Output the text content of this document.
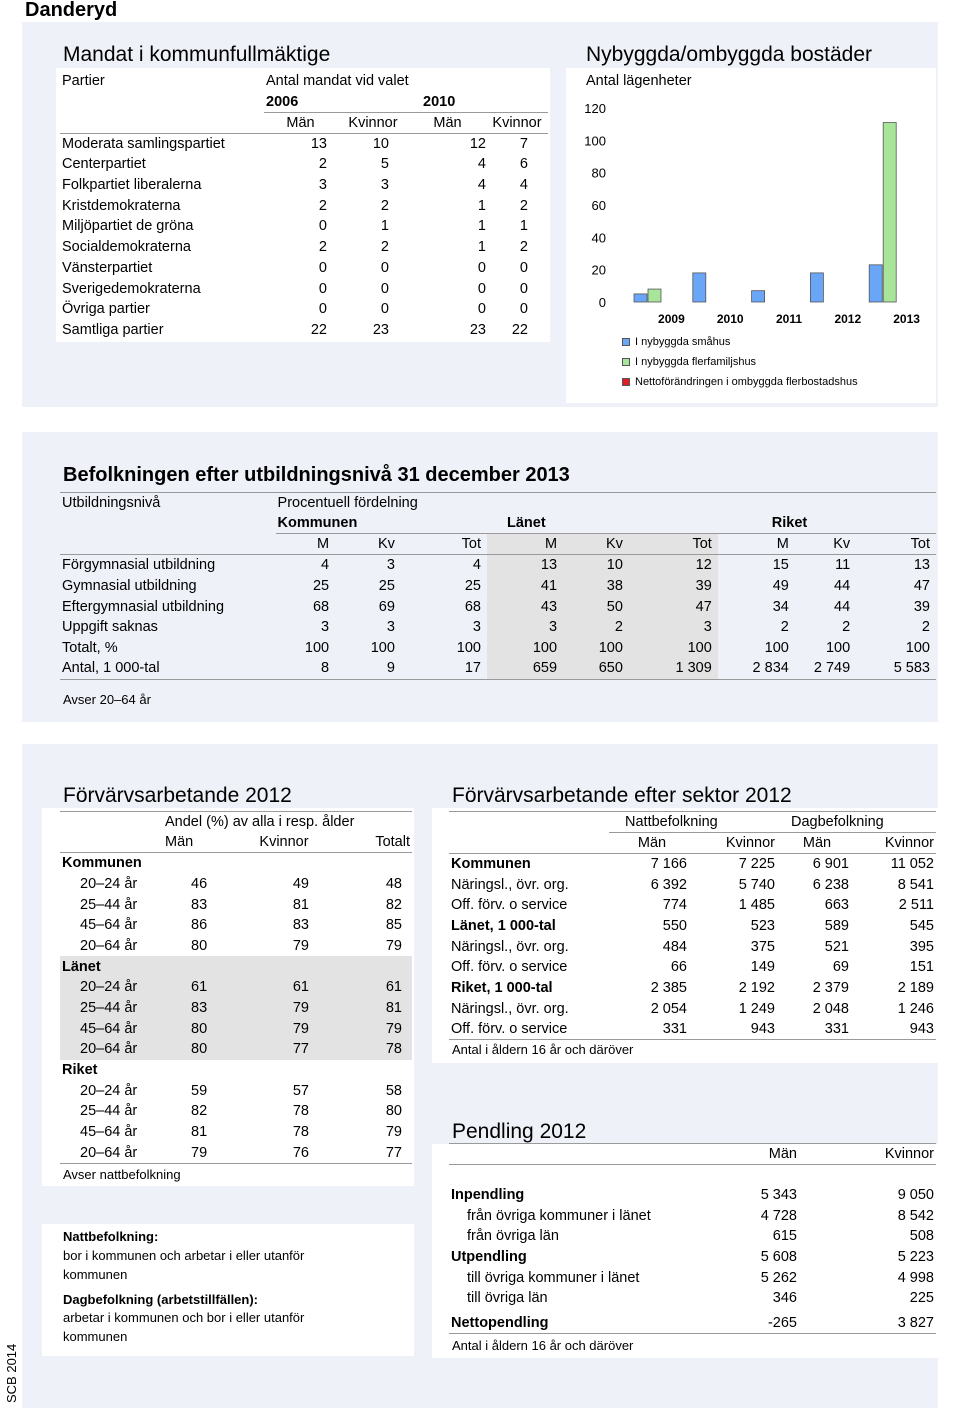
Danderyd
SCB 2014
Mandat i kommunfullmäktige
Partier	Antal mandat vid valet			
	2006		2010	
	Män	Kvinnor	Män	Kvinnor
Moderata samlingspartiet	13	10	12	7
Centerpartiet	2	5	4	6
Folkpartiet liberalerna	3	3	4	4
Kristdemokraterna	2	2	1	2
Miljöpartiet de gröna	0	1	1	1
Socialdemokraterna	2	2	1	2
Vänsterpartiet	0	0	0	0
Sverigedemokraterna	0	0	0	0
Övriga partier	0	0	0	0
Samtliga partier	22	23	23	22
Nybyggda/ombyggda bostäder
Antal lägenheter
0
20
40
60
80
100
120
2009	2010	2011	2012	2013
I nybyggda småhus
I nybyggda flerfamiljshus
Nettoförändringen i ombyggda flerbostadshus
Befolkningen efter utbildningsnivå 31 december 2013
Utbildningsnivå	Procentuell fördelning								
	Kommunen			Länet			Riket		
	M	Kv	Tot	M	Kv	Tot	M	Kv	Tot
Förgymnasial utbildning	4	3	4	13	10	12	15	11	13
Gymnasial utbildning	25	25	25	41	38	39	49	44	47
Eftergymnasial utbildning	68	69	68	43	50	47	34	44	39
Uppgift saknas	3	3	3	3	2	3	2	2	2
Totalt, %	100	100	100	100	100	100	100	100	100
Antal, 1 000-tal	8	9	17	659	650	1 309	2 834	2 749	5 583
Avser 20–64 år
Förvärvsarbetande 2012
	Andel (%) av alla i resp. ålder		
	Män	Kvinnor	Totalt
Kommunen			
20–24 år	46	49	48
25–44 år	83	81	82
45–64 år	86	83	85
20–64 år	80	79	79
Länet			
20–24 år	61	61	61
25–44 år	83	79	81
45–64 år	80	79	79
20–64 år	80	77	78
Riket			
20–24 år	59	57	58
25–44 år	82	78	80
45–64 år	81	78	79
20–64 år	79	76	77
Avser nattbefolkning
Nattbefolkning:
bor i kommunen och arbetar i eller utanför
kommunen
Dagbefolkning (arbetstillfällen):
arbetar i kommunen och bor i eller utanför
kommunen
Förvärvsarbetande efter sektor 2012
	Nattbefolkning		Dagbefolkning	
	Män	Kvinnor	Män	Kvinnor
Kommunen	7 166	7 225	6 901	11 052
Näringsl., övr. org.	6 392	5 740	6 238	8 541
Off. förv. o service	774	1 485	663	2 511
Länet, 1 000-tal	550	523	589	545
Näringsl., övr. org.	484	375	521	395
Off. förv. o service	66	149	69	151
Riket, 1 000-tal	2 385	2 192	2 379	2 189
Näringsl., övr. org.	2 054	1 249	2 048	1 246
Off. förv. o service	331	943	331	943
Antal i åldern 16 år och däröver
Pendling 2012
	Män	Kvinnor

Inpendling	5 343	9 050
från övriga kommuner i länet	4 728	8 542
från övriga län	615	508
Utpendling	5 608	5 223
till övriga kommuner i länet	5 262	4 998
till övriga län	346	225

Nettopendling	-265	3 827
Antal i åldern 16 år och däröver
